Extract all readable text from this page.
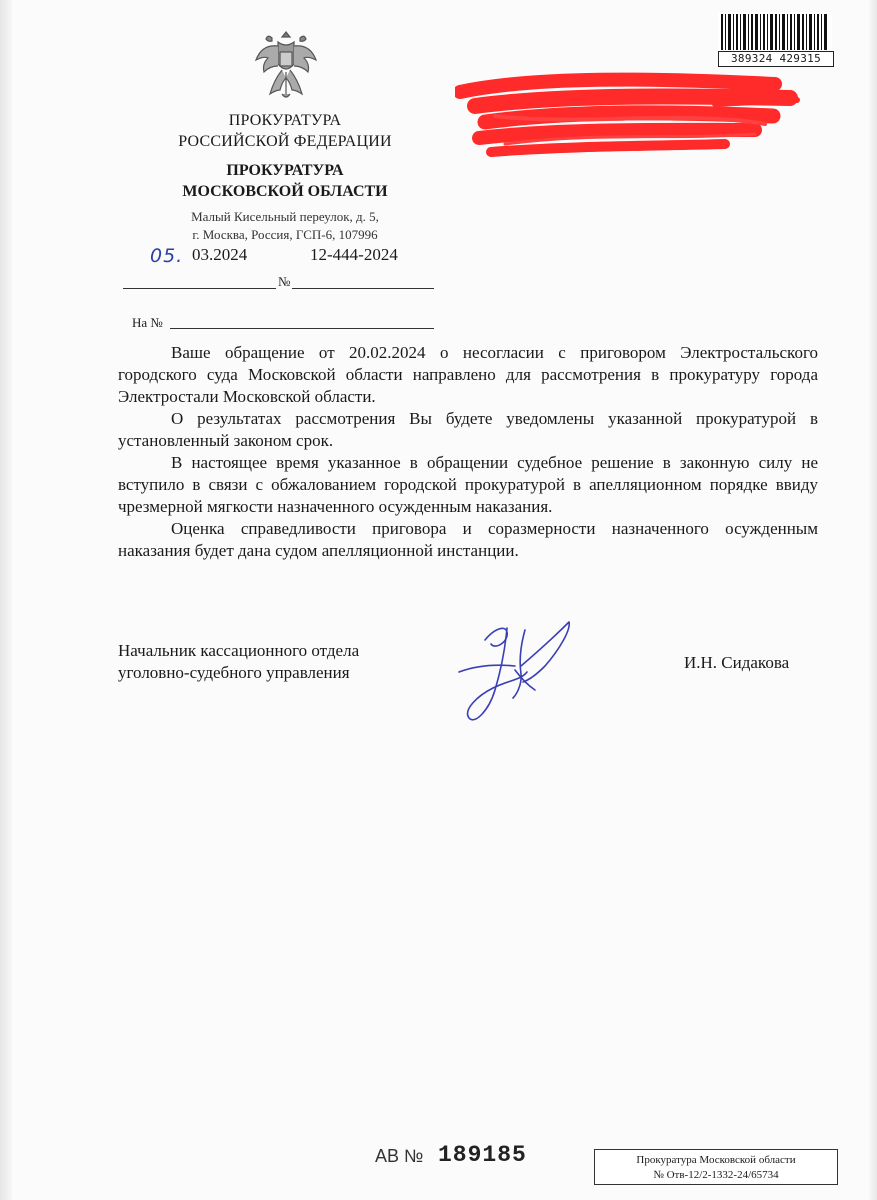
ПРОКУРАТУРА
РОССИЙСКОЙ ФЕДЕРАЦИИ
ПРОКУРАТУРА
МОСКОВСКОЙ ОБЛАСТИ
Малый Кисельный переулок, д. 5,
г. Москва, Россия, ГСП-6, 107996
05. 03.2024	12-444-2024
№
На №
389324 429315

Ваше обращение от 20.02.2024 о несогласии с приговором Электростальского городского суда Московской области направлено для рассмотрения в прокуратуру города Электростали Московской области.

О результатах рассмотрения Вы будете уведомлены указанной прокуратурой в установленный законом срок.

В настоящее время указанное в обращении судебное решение в законную силу не вступило в связи с обжалованием городской прокуратурой в апелляционном порядке ввиду чрезмерной мягкости назначенного осужденным наказания.

Оценка справедливости приговора и соразмерности назначенного осужденным наказания будет дана судом апелляционной инстанции.

Начальник кассационного отдела
уголовно-судебного управления
И.Н. Сидакова
АВ № 189185	Прокуратура Московской области
№ Отв-12/2-1332-24/65734
